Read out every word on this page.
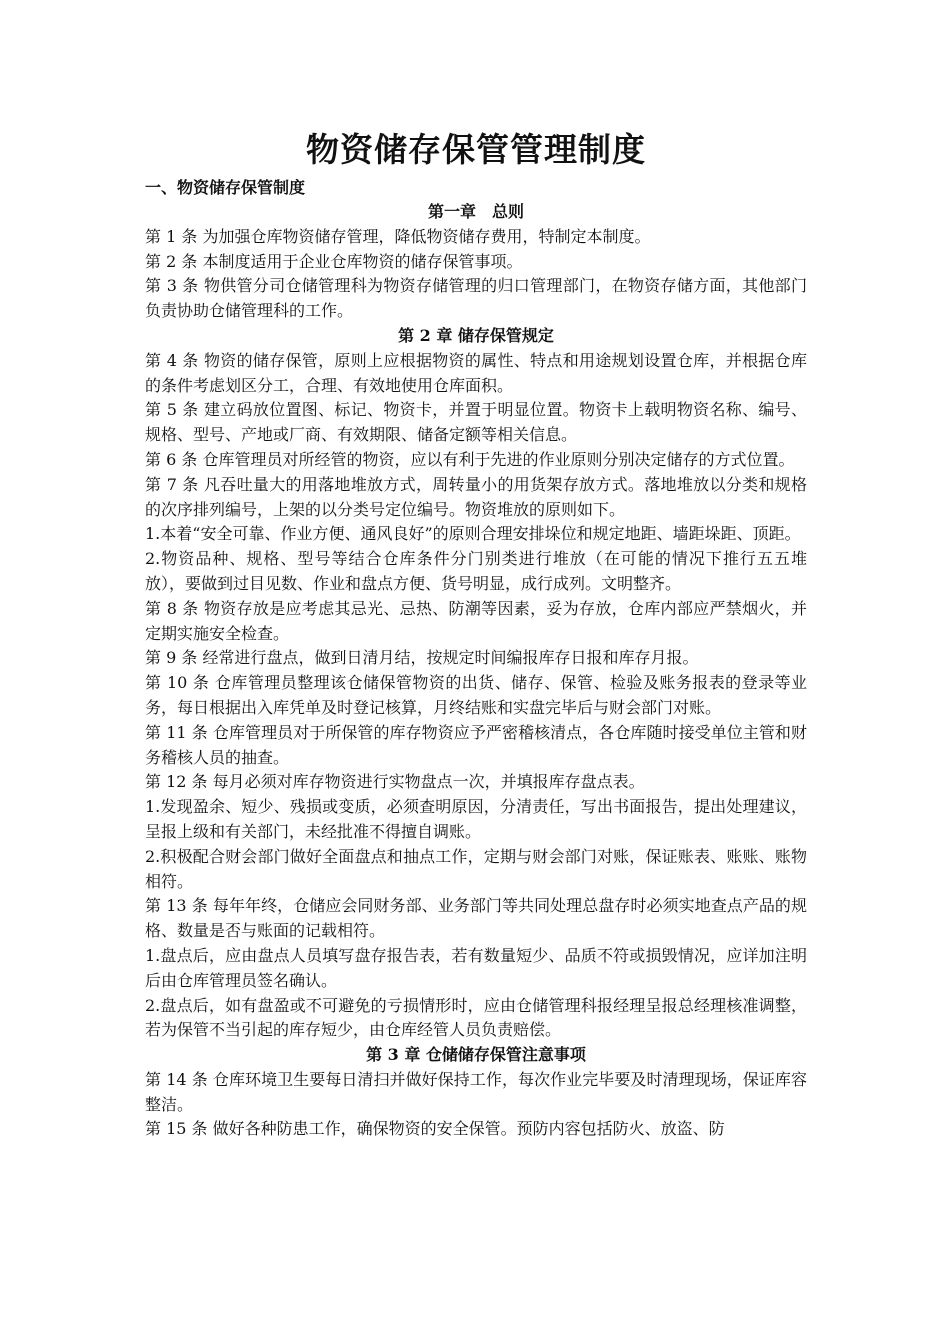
物资储存保管管理制度
一、物资储存保管制度
第一章　总则
第 1 条 为加强仓库物资储存管理，降低物资储存费用，特制定本制度。
第 2 条 本制度适用于企业仓库物资的储存保管事项。
第 3 条 物供管分司仓储管理科为物资存储管理的归口管理部门，在物资存储方面，其他部门负责协助仓储管理科的工作。
第 2 章 储存保管规定
第 4 条 物资的储存保管，原则上应根据物资的属性、特点和用途规划设置仓库，并根据仓库的条件考虑划区分工，合理、有效地使用仓库面积。
第 5 条 建立码放位置图、标记、物资卡，并置于明显位置。物资卡上载明物资名称、编号、规格、型号、产地或厂商、有效期限、储备定额等相关信息。
第 6 条 仓库管理员对所经管的物资，应以有利于先进的作业原则分别决定储存的方式位置。
第 7 条 凡吞吐量大的用落地堆放方式，周转量小的用货架存放方式。落地堆放以分类和规格的次序排列编号，上架的以分类号定位编号。物资堆放的原则如下。
1.本着“安全可靠、作业方便、通风良好”的原则合理安排垛位和规定地距、墙距垛距、顶距。
2.物资品种、规格、型号等结合仓库条件分门别类进行堆放（在可能的情况下推行五五堆放），要做到过目见数、作业和盘点方便、货号明显，成行成列。文明整齐。
第 8 条 物资存放是应考虑其忌光、忌热、防潮等因素，妥为存放，仓库内部应严禁烟火，并定期实施安全检查。
第 9 条 经常进行盘点，做到日清月结，按规定时间编报库存日报和库存月报。
第 10 条 仓库管理员整理该仓储保管物资的出货、储存、保管、检验及账务报表的登录等业务，每日根据出入库凭单及时登记核算，月终结账和实盘完毕后与财会部门对账。
第 11 条 仓库管理员对于所保管的库存物资应予严密稽核清点，各仓库随时接受单位主管和财务稽核人员的抽查。
第 12 条 每月必须对库存物资进行实物盘点一次，并填报库存盘点表。
1.发现盈余、短少、残损或变质，必须查明原因，分清责任，写出书面报告，提出处理建议，呈报上级和有关部门，未经批准不得擅自调账。
2.积极配合财会部门做好全面盘点和抽点工作，定期与财会部门对账，保证账表、账账、账物相符。
第 13 条 每年年终，仓储应会同财务部、业务部门等共同处理总盘存时必须实地查点产品的规格、数量是否与账面的记载相符。
1.盘点后，应由盘点人员填写盘存报告表，若有数量短少、品质不符或损毁情况，应详加注明后由仓库管理员签名确认。
2.盘点后，如有盘盈或不可避免的亏损情形时，应由仓储管理科报经理呈报总经理核准调整，若为保管不当引起的库存短少，由仓库经管人员负责赔偿。
第 3 章 仓储储存保管注意事项
第 14 条 仓库环境卫生要每日清扫并做好保持工作，每次作业完毕要及时清理现场，保证库容整洁。
第 15 条 做好各种防患工作，确保物资的安全保管。预防内容包括防火、放盗、防
